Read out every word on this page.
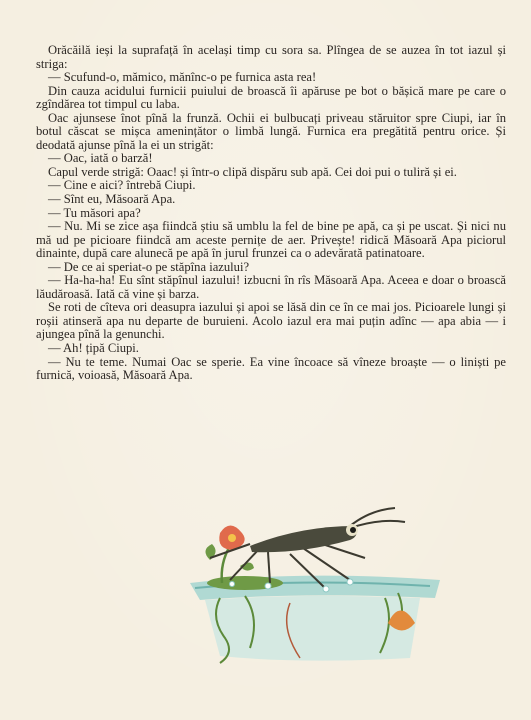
Orăcăilă ieși la suprafață în același timp cu sora sa. Plîngea de se auzea în tot iazul și striga:

— Scufund-o, mămico, mănînc-o pe furnica asta rea!

Din cauza acidului furnicii puiului de broască îi apăruse pe bot o bășică mare pe care o zgîndărea tot timpul cu laba.

Oac ajunsese înot pînă la frunză. Ochii ei bulbucați priveau stăruitor spre Ciupi, iar în botul căscat se mișca amenințător o limbă lungă. Furnica era pregătită pentru orice. Și deodată ajunse pînă la ei un strigăt:

— Oac, iată o barză!

Capul verde strigă: Oaac! și într-o clipă dispăru sub apă. Cei doi pui o tuliră și ei.

— Cine e aici? întrebă Ciupi.

— Sînt eu, Măsoară Apa.

— Tu măsori apa?

— Nu. Mi se zice așa fiindcă știu să umblu la fel de bine pe apă, ca și pe uscat. Și nici nu mă ud pe picioare fiindcă am aceste pernițe de aer. Privește! ridică Măsoară Apa piciorul dinainte, după care alunecă pe apă în jurul frunzei ca o adevărată patinatoare.

— De ce ai speriat-o pe stăpîna iazului?

— Ha-ha-ha! Eu sînt stăpînul iazului! izbucni în rîs Măsoară Apa. Aceea e doar o broască lăudăroasă. Iată că vine și barza.

Se roti de cîteva ori deasupra iazului și apoi se lăsă din ce în ce mai jos. Picioarele lungi și roșii atinseră apa nu departe de buruieni. Acolo iazul era mai puțin adînc — apa abia — i ajungea pînă la genunchi.

— Ah! țipă Ciupi.

— Nu te teme. Numai Oac se sperie. Ea vine încoace să vîneze broaște — o liniști pe furnică, voioasă, Măsoară Apa.
